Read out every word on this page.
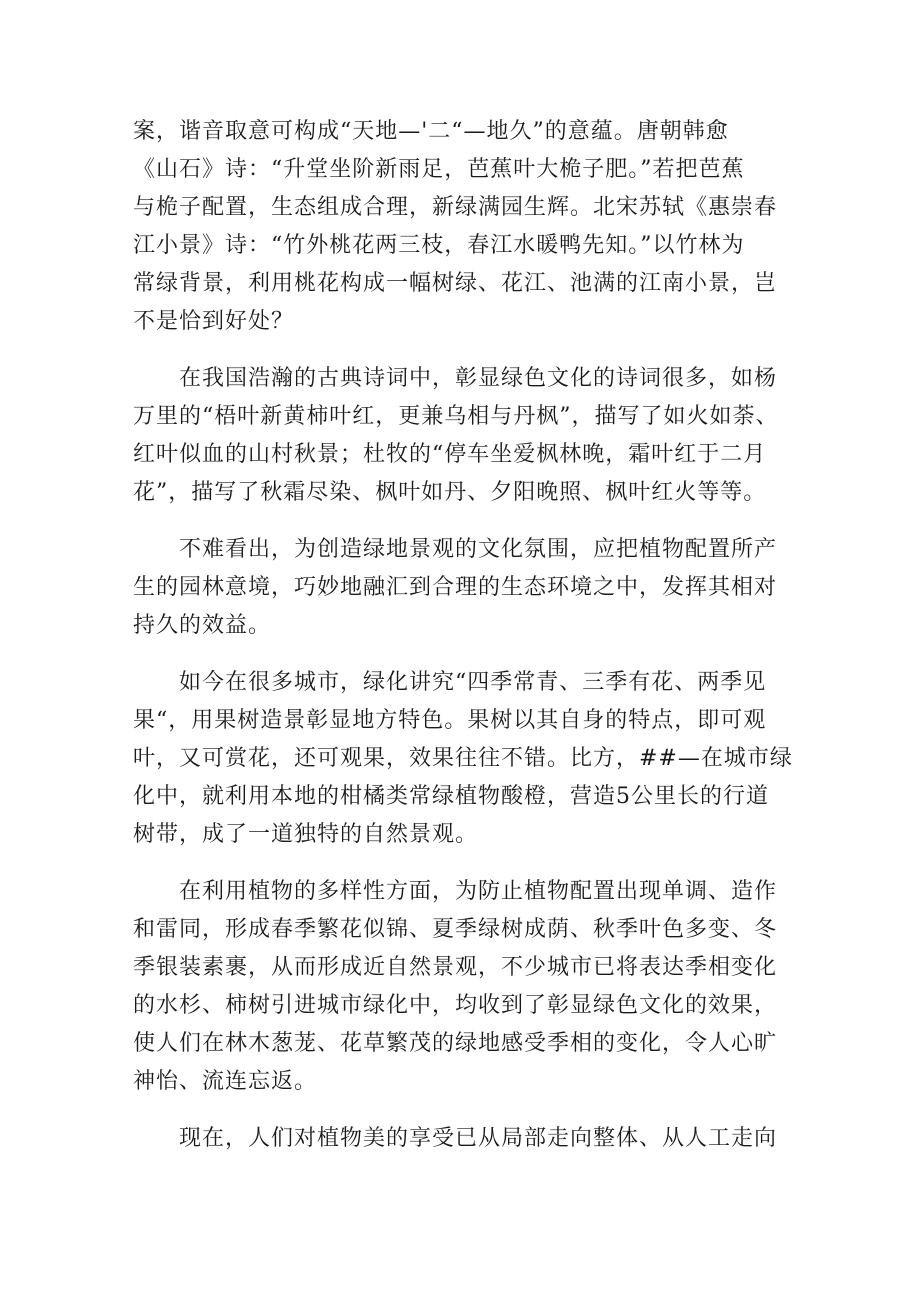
案，谐音取意可构成“天地—'二“—地久”的意蕴。唐朝韩愈
《山石》诗：“升堂坐阶新雨足，芭蕉叶大桅子肥。”若把芭蕉
与桅子配置，生态组成合理，新绿满园生辉。北宋苏轼《惠崇春
江小景》诗：“竹外桃花两三枝，春江水暖鸭先知。”以竹林为
常绿背景，利用桃花构成一幅树绿、花江、池满的江南小景，岂
不是恰到好处？
在我国浩瀚的古典诗词中，彰显绿色文化的诗词很多，如杨
万里的“梧叶新黄柿叶红，更兼乌相与丹枫”，描写了如火如荼、
红叶似血的山村秋景；杜牧的“停车坐爱枫林晚，霜叶红于二月
花”，描写了秋霜尽染、枫叶如丹、夕阳晚照、枫叶红火等等。
不难看出，为创造绿地景观的文化氛围，应把植物配置所产
生的园林意境，巧妙地融汇到合理的生态环境之中，发挥其相对
持久的效益。
如今在很多城市，绿化讲究“四季常青、三季有花、两季见
果“，用果树造景彰显地方特色。果树以其自身的特点，即可观
叶，又可赏花，还可观果，效果往往不错。比方，##—在城市绿
化中，就利用本地的柑橘类常绿植物酸橙，营造5公里长的行道
树带，成了一道独特的自然景观。
在利用植物的多样性方面，为防止植物配置出现单调、造作
和雷同，形成春季繁花似锦、夏季绿树成荫、秋季叶色多变、冬
季银装素裹，从而形成近自然景观，不少城市已将表达季相变化
的水杉、柿树引进城市绿化中，均收到了彰显绿色文化的效果，
使人们在林木葱茏、花草繁茂的绿地感受季相的变化，令人心旷
神怡、流连忘返。
现在，人们对植物美的享受已从局部走向整体、从人工走向
